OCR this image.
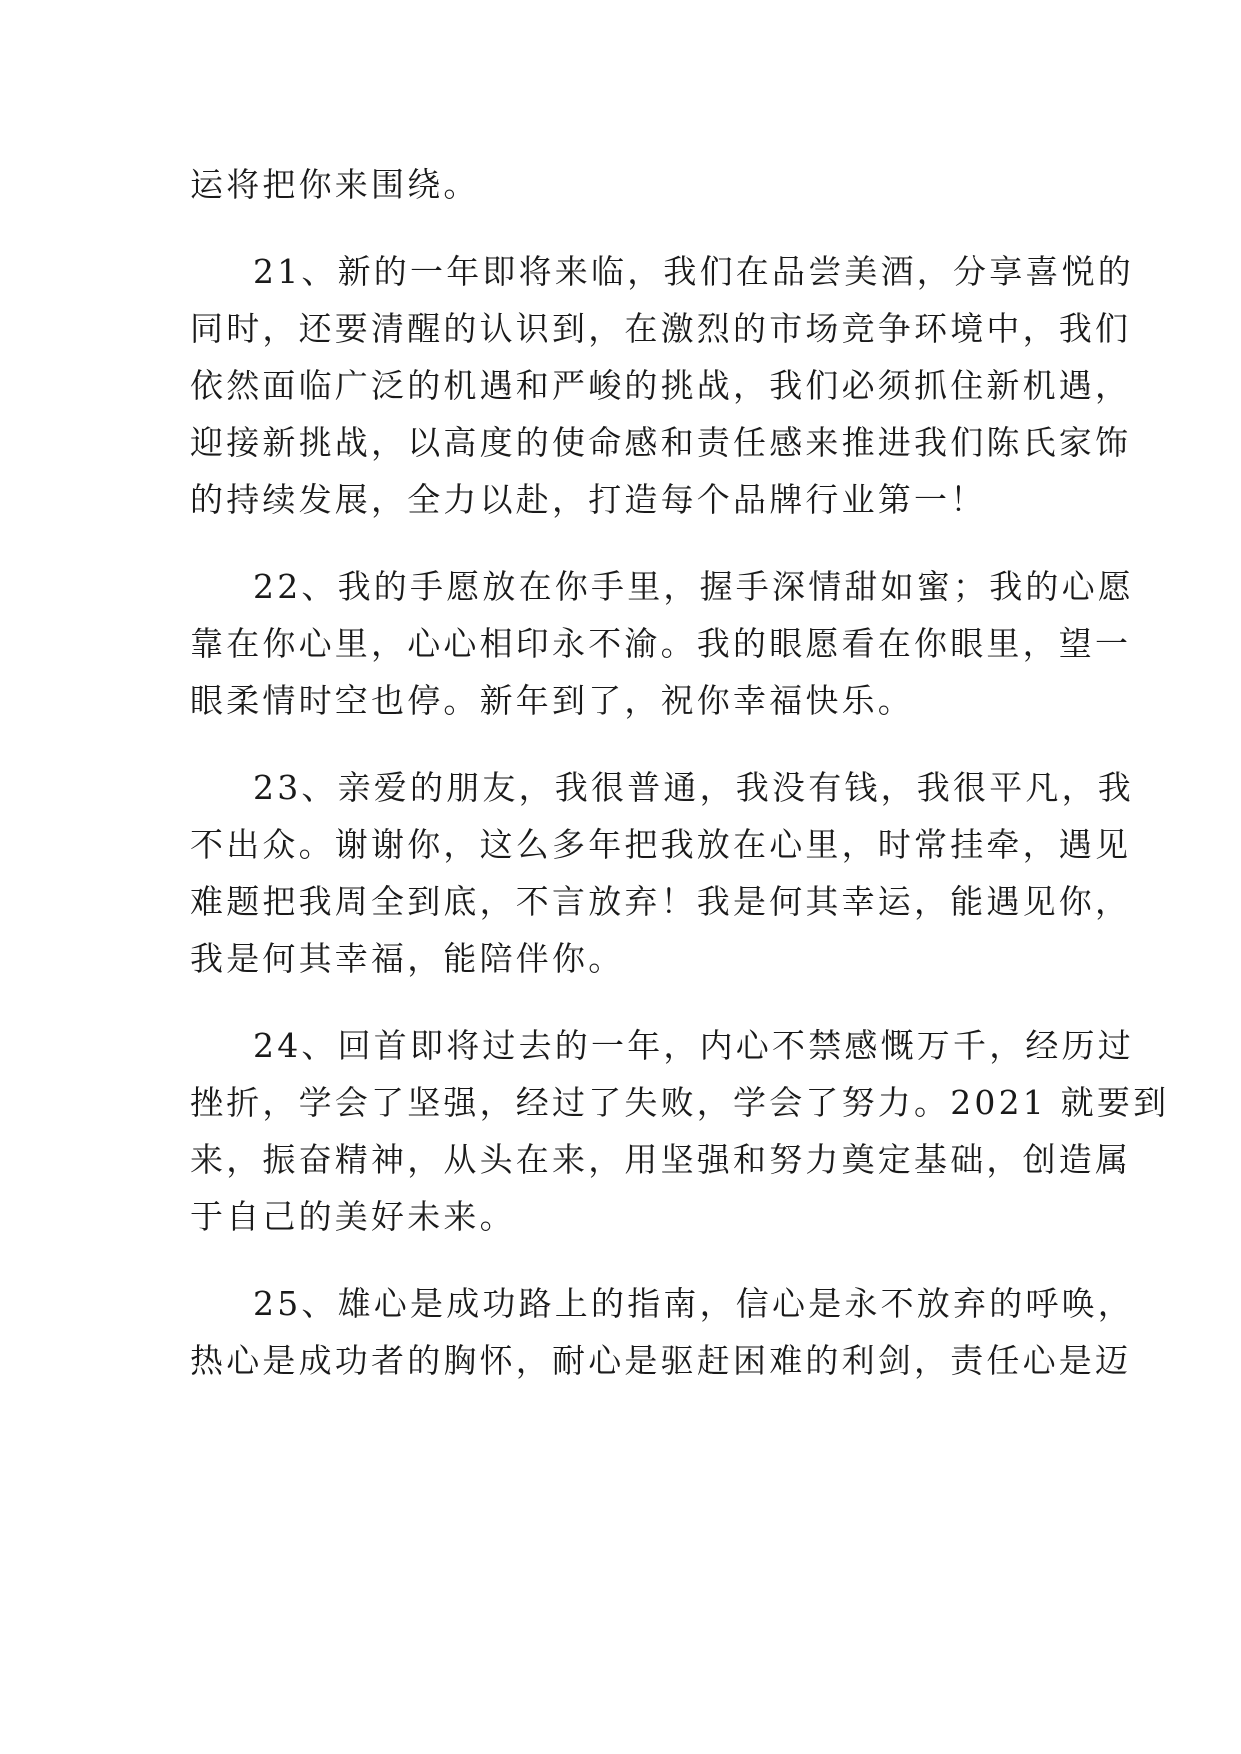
运将把你来围绕。
21、新的一年即将来临，我们在品尝美酒，分享喜悦的
同时，还要清醒的认识到，在激烈的市场竞争环境中，我们
依然面临广泛的机遇和严峻的挑战，我们必须抓住新机遇，
迎接新挑战，以高度的使命感和责任感来推进我们陈氏家饰
的持续发展，全力以赴，打造每个品牌行业第一！
22、我的手愿放在你手里，握手深情甜如蜜；我的心愿
靠在你心里，心心相印永不渝。我的眼愿看在你眼里，望一
眼柔情时空也停。新年到了，祝你幸福快乐。
23、亲爱的朋友，我很普通，我没有钱，我很平凡，我
不出众。谢谢你，这么多年把我放在心里，时常挂牵，遇见
难题把我周全到底，不言放弃！我是何其幸运，能遇见你，
我是何其幸福，能陪伴你。
24、回首即将过去的一年，内心不禁感慨万千，经历过
挫折，学会了坚强，经过了失败，学会了努力。2021 就要到
来，振奋精神，从头在来，用坚强和努力奠定基础，创造属
于自己的美好未来。
25、雄心是成功路上的指南，信心是永不放弃的呼唤，
热心是成功者的胸怀，耐心是驱赶困难的利剑，责任心是迈
